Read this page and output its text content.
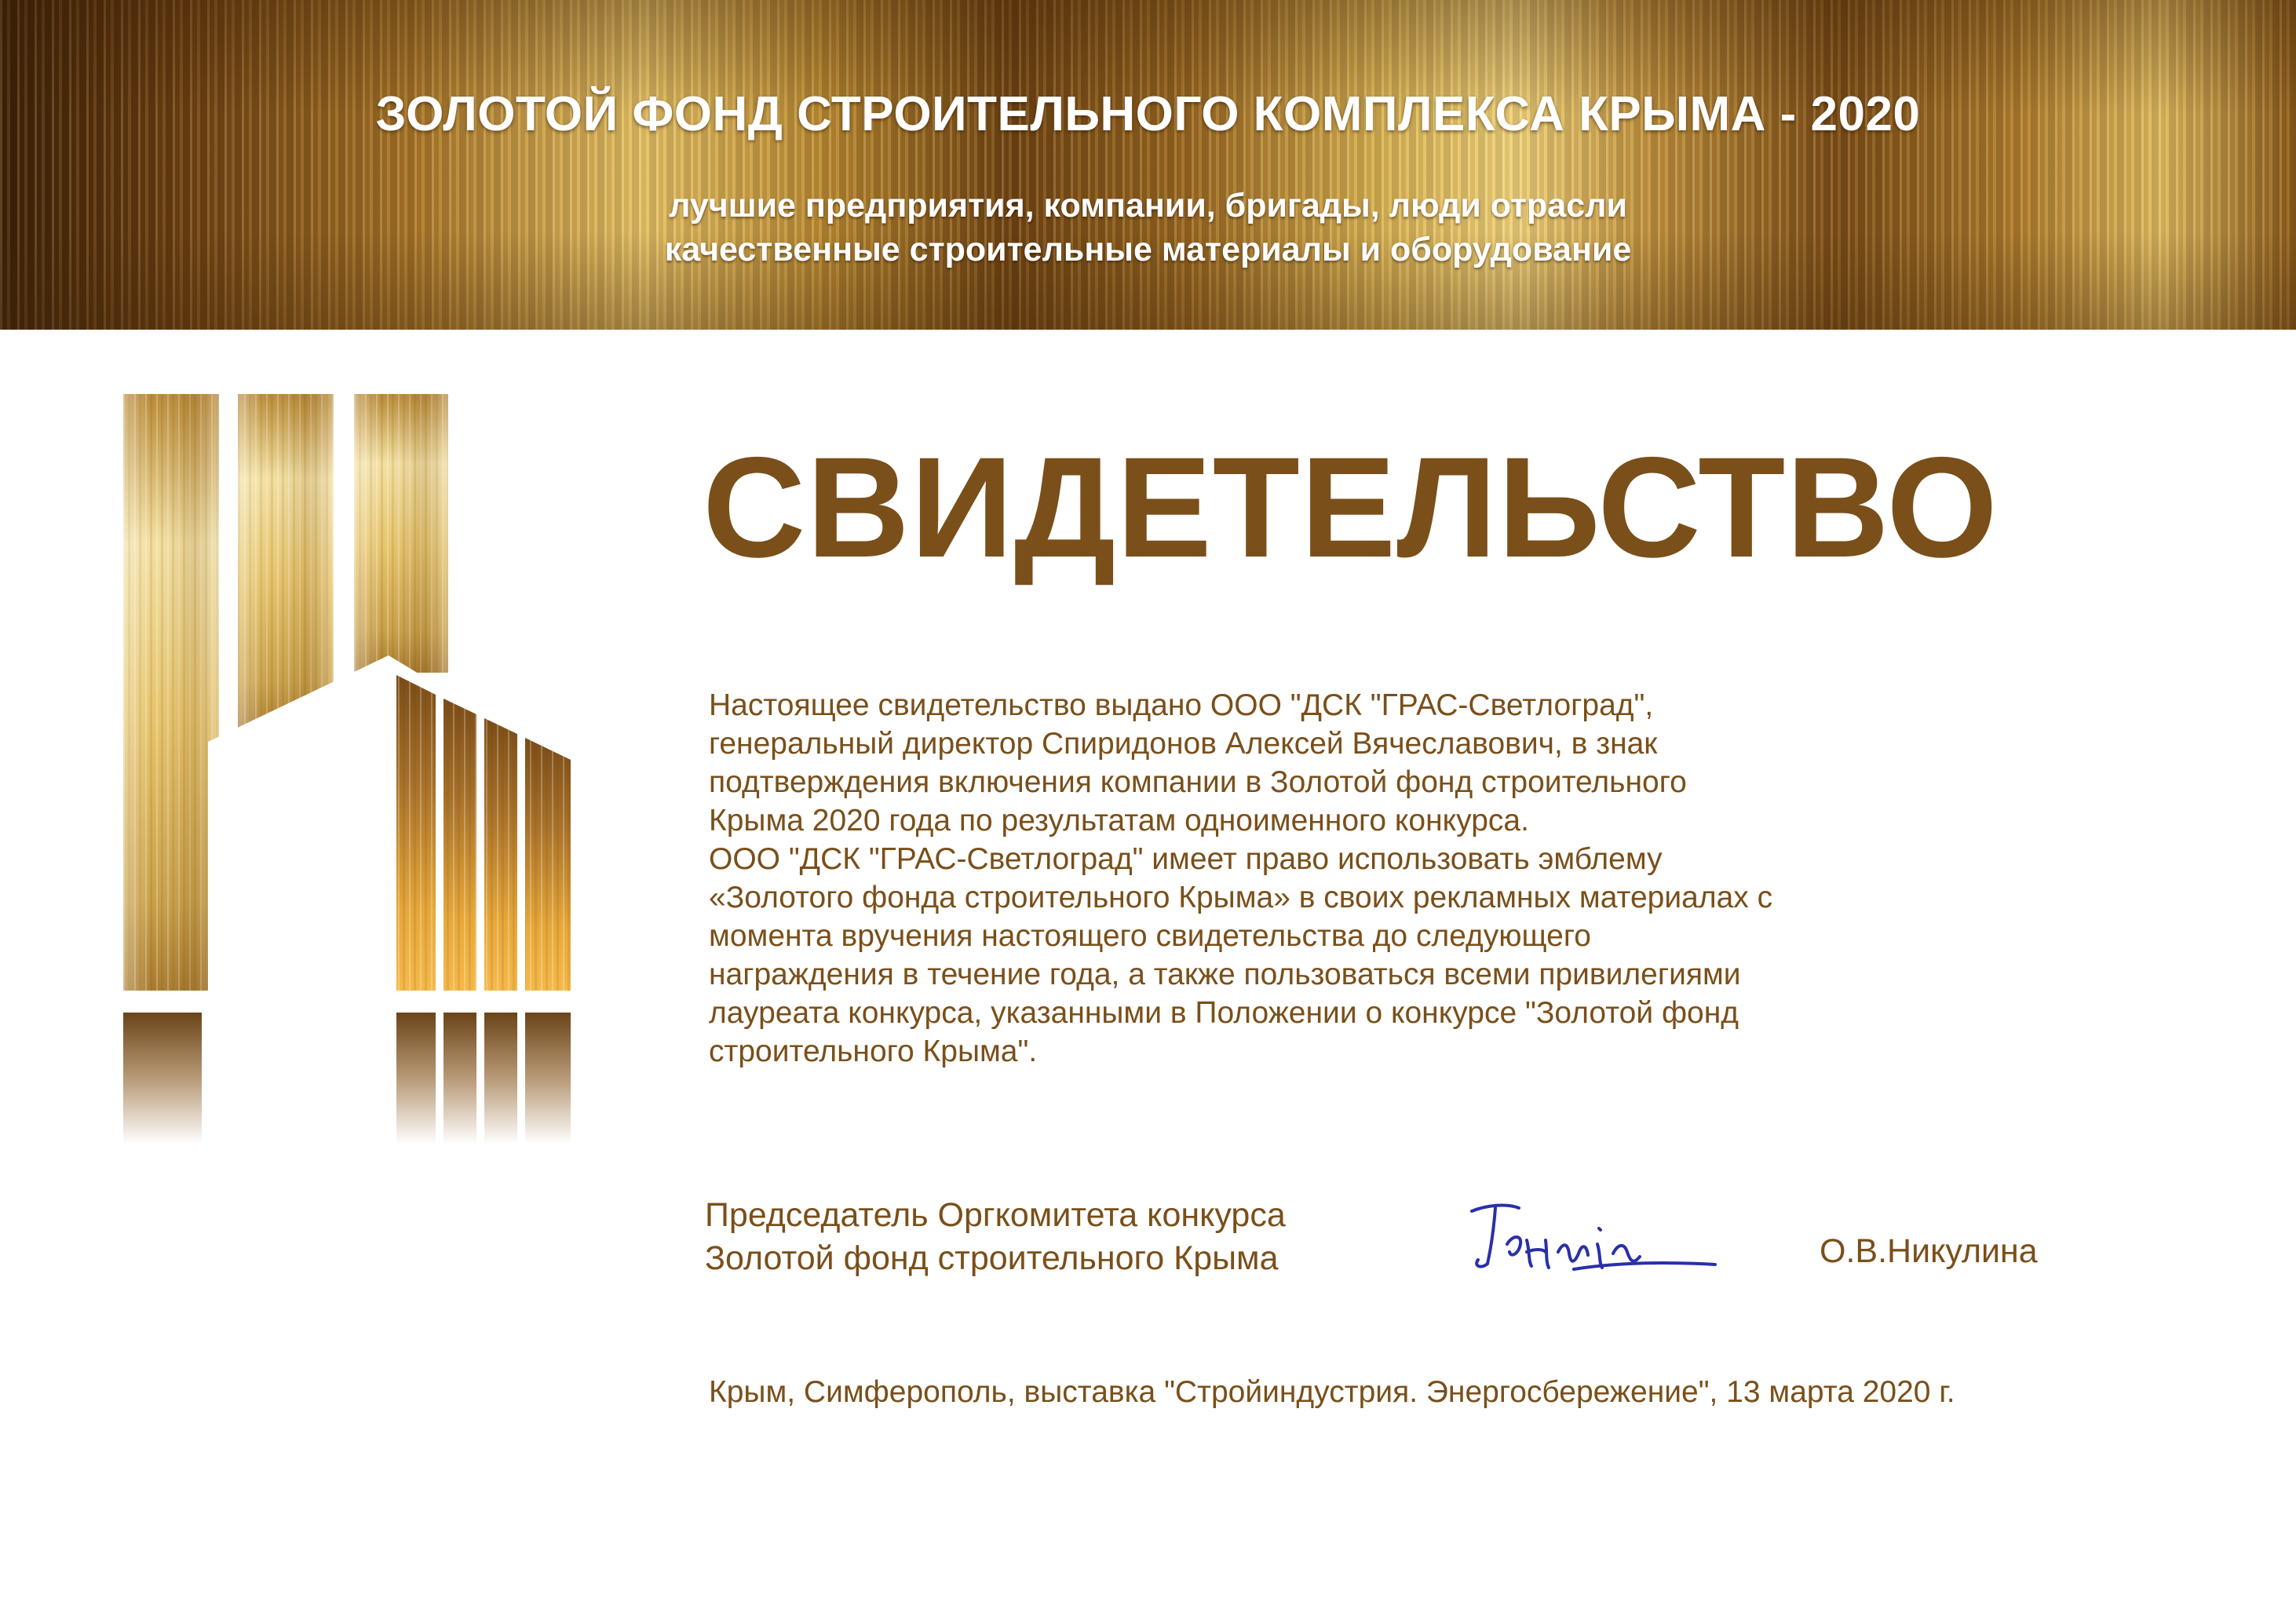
ЗОЛОТОЙ ФОНД СТРОИТЕЛЬНОГО КОМПЛЕКСА КРЫМА - 2020
лучшие предприятия, компании, бригады, люди отрасли
качественные строительные материалы и оборудование
СВИДЕТЕЛЬСТВО
Настоящее свидетельство выдано ООО "ДСК "ГРАС-Светлоград",
генеральный директор Спиридонов Алексей Вячеславович, в знак
подтверждения включения компании в Золотой фонд строительного
Крыма 2020 года по результатам одноименного конкурса.
ООО "ДСК "ГРАС-Светлоград" имеет право использовать эмблему
«Золотого фонда строительного Крыма» в своих рекламных материалах с
момента вручения настоящего свидетельства до следующего
награждения в течение года, а также пользоваться всеми привилегиями
лауреата конкурса, указанными в Положении о конкурсе "Золотой фонд
строительного Крыма".
Председатель Оргкомитета конкурса
Золотой фонд строительного Крыма	О.В.Никулина
Крым, Симферополь, выставка "Стройиндустрия. Энергосбережение", 13 марта 2020 г.
